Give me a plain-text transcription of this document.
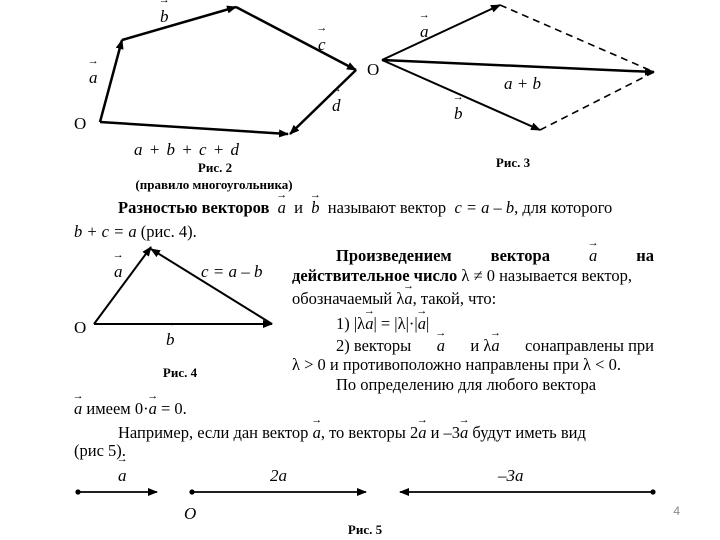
O
→ a
→ b
→ c
→ d
a + b + c + d
Рис. 2
(правило многоугольника)
O
→ a
→ b
a + b
Рис. 3
Разностью векторов → a и → b называют вектор c = a – b, для которого
b + c = a (рис. 4).
O
→ a
→ b
c = a – b
Рис. 4
Произведением вектора → a на
действительное число λ ≠ 0 называется вектор,
обозначаемый λ→ a, такой, что:
1) |λ→ a| = |λ|·|→ a|
2) векторы → a и λ→ a сонаправлены при
λ > 0 и противоположно направлены при λ < 0.
По определению для любого вектора
→ a имеем 0·→ a = 0.
Например, если дан вектор → a, то векторы 2→ a и –3→ a будут иметь вид
(рис 5).
→ a	2a	–3a
O
Рис. 5
4
